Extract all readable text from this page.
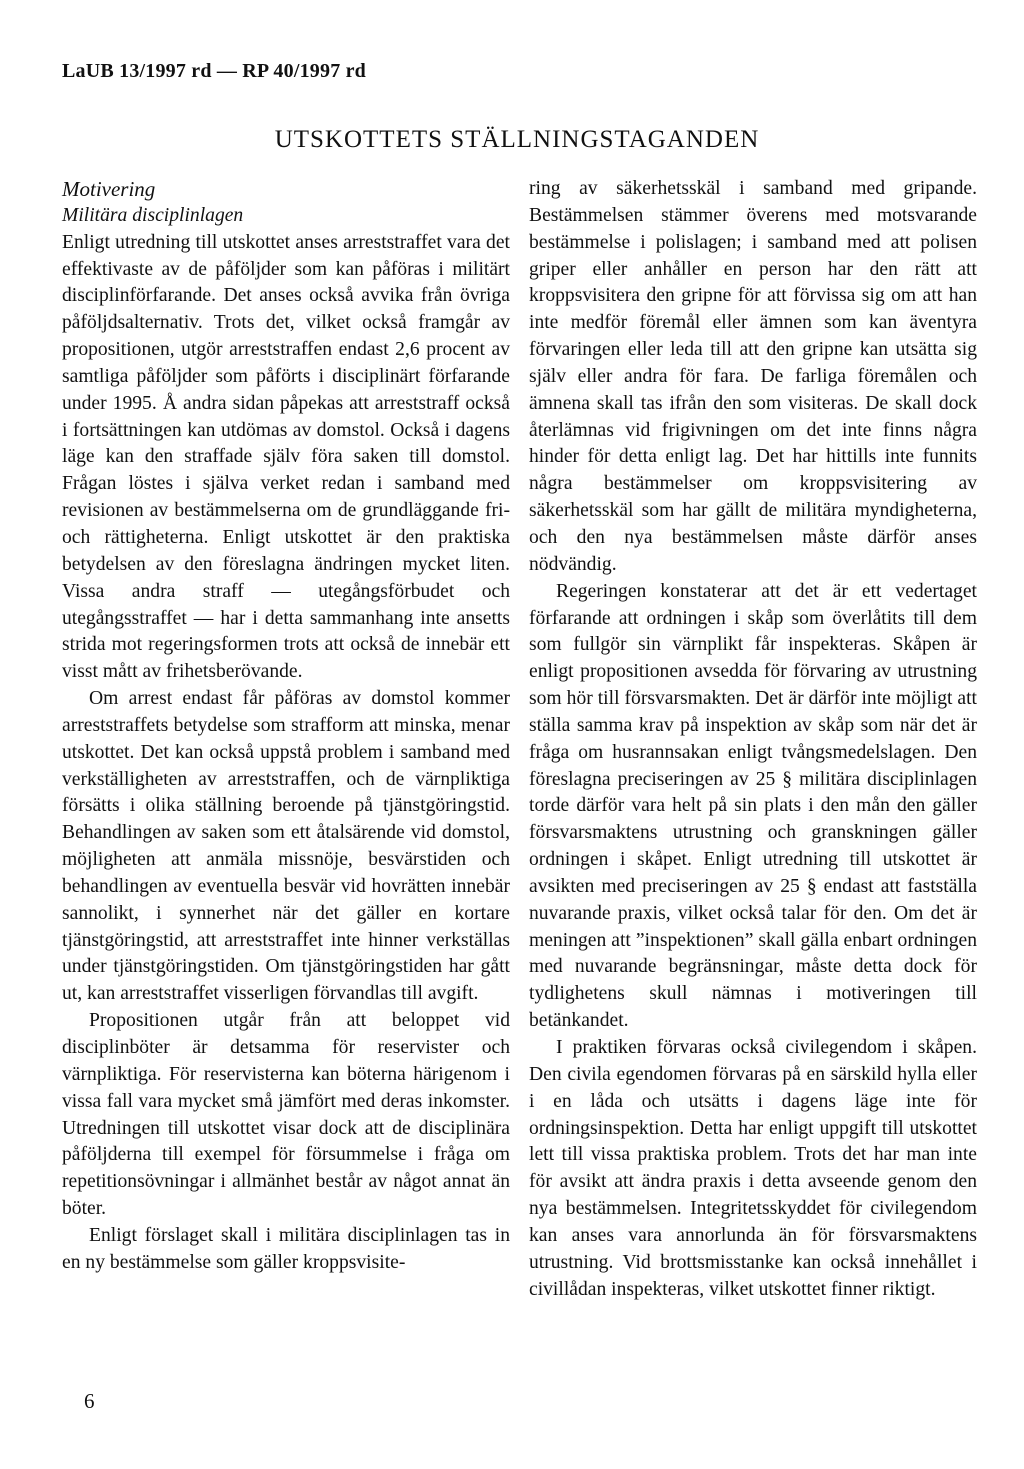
LaUB 13/1997 rd — RP 40/1997 rd
UTSKOTTETS STÄLLNINGSTAGANDEN

Motivering

Militära disciplinlagen

Enligt utredning till utskottet anses arreststraffet vara det effektivaste av de påföljder som kan påföras i militärt disciplinförfarande. Det anses också avvika från övriga påföljdsalternativ. Trots det, vilket också framgår av propositionen, utgör arreststraffen endast 2,6 procent av samtliga påföljder som påförts i disciplinärt förfarande under 1995. Å andra sidan påpekas att arreststraff också i fortsättningen kan utdömas av domstol. Också i dagens läge kan den straffade själv föra saken till domstol. Frågan löstes i själva verket redan i samband med revisionen av bestämmelserna om de grundläggande fri- och rättigheterna. Enligt utskottet är den praktiska betydelsen av den föreslagna ändringen mycket liten. Vissa andra straff — utegångsförbudet och utegångsstraffet — har i detta sammanhang inte ansetts strida mot regeringsformen trots att också de innebär ett visst mått av frihetsberövande.

Om arrest endast får påföras av domstol kommer arreststraffets betydelse som strafform att minska, menar utskottet. Det kan också uppstå problem i samband med verkställigheten av arreststraffen, och de värnpliktiga försätts i olika ställning beroende på tjänstgöringstid. Behandlingen av saken som ett åtalsärende vid domstol, möjligheten att anmäla missnöje, besvärstiden och behandlingen av eventuella besvär vid hovrätten innebär sannolikt, i synnerhet när det gäller en kortare tjänstgöringstid, att arreststraffet inte hinner verkställas under tjänstgöringstiden. Om tjänstgöringstiden har gått ut, kan arreststraffet visserligen förvandlas till avgift.

Propositionen utgår från att beloppet vid disciplinböter är detsamma för reservister och värnpliktiga. För reservisterna kan böterna härigenom i vissa fall vara mycket små jämfört med deras inkomster. Utredningen till utskottet visar dock att de disciplinära påföljderna till exempel för försummelse i fråga om repetitionsövningar i allmänhet består av något annat än böter.

Enligt förslaget skall i militära disciplinlagen tas in en ny bestämmelse som gäller kroppsvisite-

ring av säkerhetsskäl i samband med gripande. Bestämmelsen stämmer överens med motsvarande bestämmelse i polislagen; i samband med att polisen griper eller anhåller en person har den rätt att kroppsvisitera den gripne för att förvissa sig om att han inte medför föremål eller ämnen som kan äventyra förvaringen eller leda till att den gripne kan utsätta sig själv eller andra för fara. De farliga föremålen och ämnena skall tas ifrån den som visiteras. De skall dock återlämnas vid frigivningen om det inte finns några hinder för detta enligt lag. Det har hittills inte funnits några bestämmelser om kroppsvisitering av säkerhetsskäl som har gällt de militära myndigheterna, och den nya bestämmelsen måste därför anses nödvändig.

Regeringen konstaterar att det är ett vedertaget förfarande att ordningen i skåp som överlåtits till dem som fullgör sin värnplikt får inspekteras. Skåpen är enligt propositionen avsedda för förvaring av utrustning som hör till försvarsmakten. Det är därför inte möjligt att ställa samma krav på inspektion av skåp som när det är fråga om husrannsakan enligt tvångsmedelslagen. Den föreslagna preciseringen av 25 § militära disciplinlagen torde därför vara helt på sin plats i den mån den gäller försvarsmaktens utrustning och granskningen gäller ordningen i skåpet. Enligt utredning till utskottet är avsikten med preciseringen av 25 § endast att fastställa nuvarande praxis, vilket också talar för den. Om det är meningen att ”inspektionen” skall gälla enbart ordningen med nuvarande begränsningar, måste detta dock för tydlighetens skull nämnas i motiveringen till betänkandet.

I praktiken förvaras också civilegendom i skåpen. Den civila egendomen förvaras på en särskild hylla eller i en låda och utsätts i dagens läge inte för ordningsinspektion. Detta har enligt uppgift till utskottet lett till vissa praktiska problem. Trots det har man inte för avsikt att ändra praxis i detta avseende genom den nya bestämmelsen. Integritetsskyddet för civilegendom kan anses vara annorlunda än för försvarsmaktens utrustning. Vid brottsmisstanke kan också innehållet i civillådan inspekteras, vilket utskottet finner riktigt.

6
